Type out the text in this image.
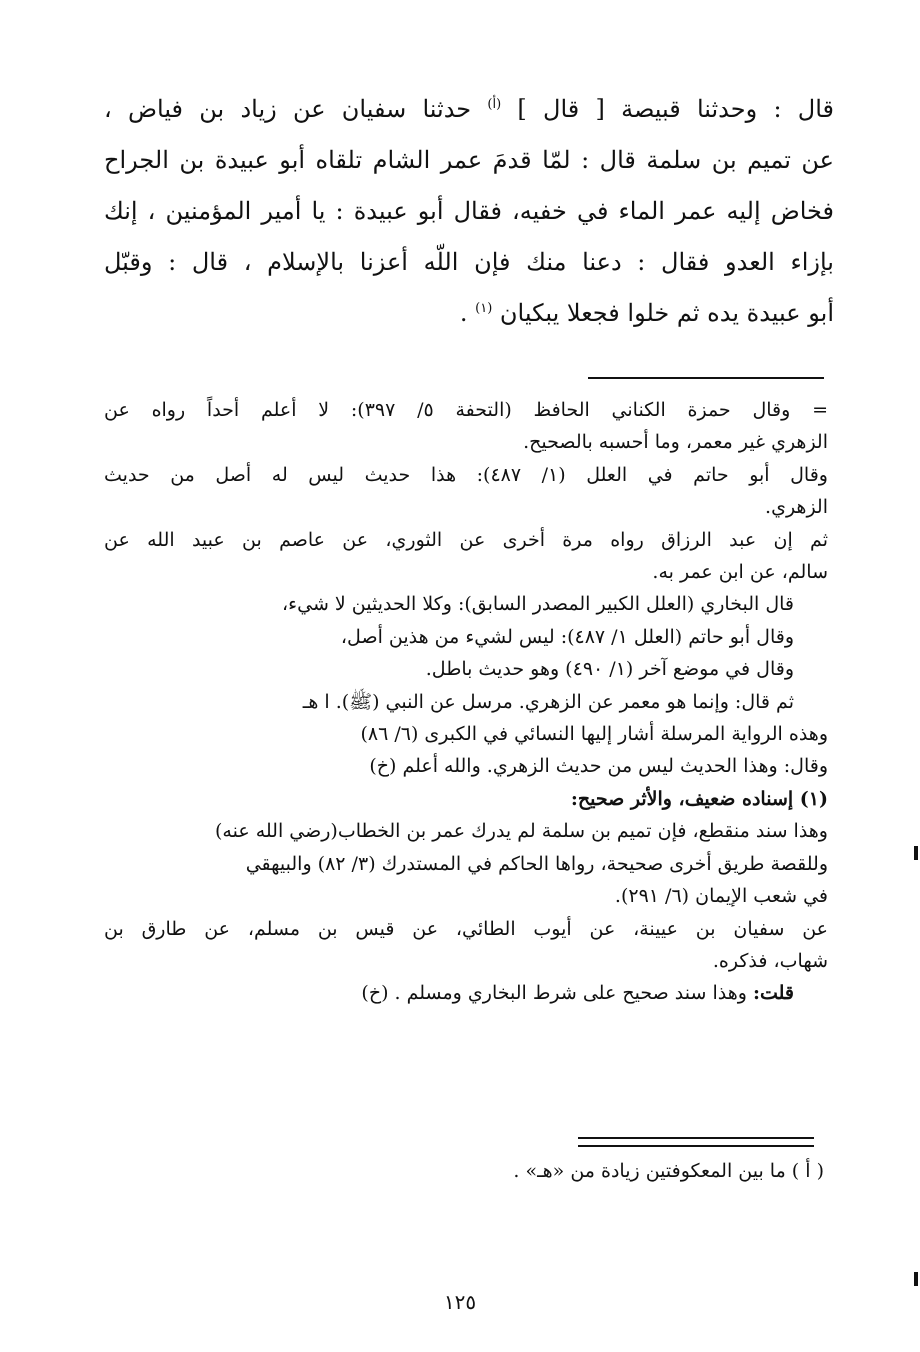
قال : وحدثنا قبيصة [ قال ] $^{(أ)}$ حدثنا سفيان عن زياد بن فياض ،
عن تميم بن سلمة قال : لمّا قدمَ عمر الشام تلقاه أبو عبيدة بن الجراح
فخاض إليه عمر الماء في خفيه، فقال أبو عبيدة : يا أمير المؤمنين ، إنك
بإزاء العدو فقال : دعنا منك فإن اللّه أعزنا بالإسلام ، قال : وقبّل
أبو عبيدة يده ثم خلوا فجعلا يبكيان $^{(١)}$ .
= وقال حمزة الكناني الحافظ (التحفة ٥/ ٣٩٧): لا أعلم أحداً رواه عن
الزهري غير معمر، وما أحسبه بالصحيح.
وقال أبو حاتم في العلل (١/ ٤٨٧): هذا حديث ليس له أصل من حديث
الزهري.
ثم إن عبد الرزاق رواه مرة أخرى عن الثوري، عن عاصم بن عبيد الله عن
سالم، عن ابن عمر به.
قال البخاري (العلل الكبير المصدر السابق): وكلا الحديثين لا شيء،
وقال أبو حاتم (العلل ١/ ٤٨٧): ليس لشيء من هذين أصل،
وقال في موضع آخر (١/ ٤٩٠) وهو حديث باطل.
ثم قال: وإنما هو معمر عن الزهري. مرسل عن النبي (ﷺ). ا هـ
وهذه الرواية المرسلة أشار إليها النسائي في الكبرى (٦/ ٨٦)
وقال: وهذا الحديث ليس من حديث الزهري. والله أعلم (خ)
(١) إسناده ضعيف، والأثر صحيح:
وهذا سند منقطع، فإن تميم بن سلمة لم يدرك عمر بن الخطاب(رضي الله عنه)
وللقصة طريق أخرى صحيحة، رواها الحاكم في المستدرك (٣/ ٨٢) والبيهقي
في شعب الإيمان (٦/ ٢٩١).
عن سفيان بن عيينة، عن أيوب الطائي، عن قيس بن مسلم، عن طارق بن
شهاب، فذكره.
قلت: وهذا سند صحيح على شرط البخاري ومسلم . (خ)
( أ ) ما بين المعكوفتين زيادة من «هـ» .
١٢٥
